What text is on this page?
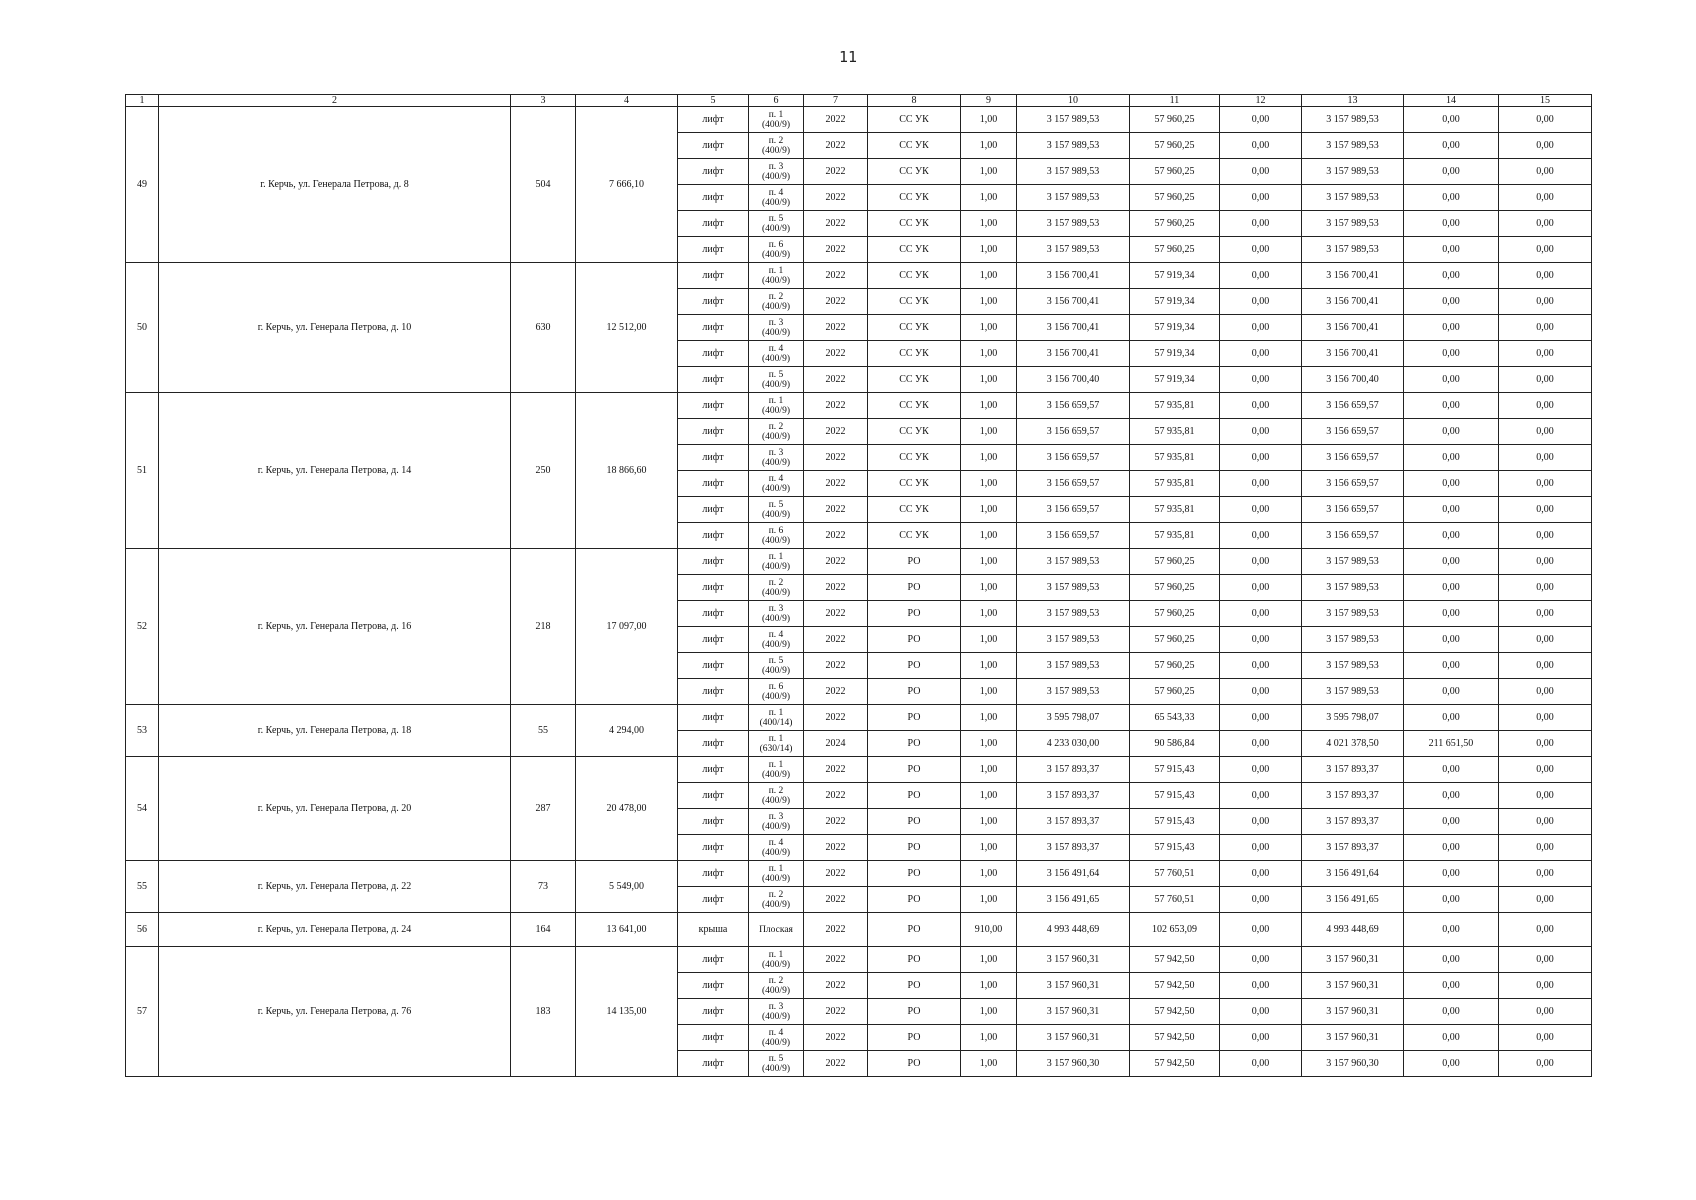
11
1	2	3	4	5	6	7	8	9	10	11	12	13	14	15
49	г. Керчь, ул. Генерала Петрова, д. 8	504	7 666,10	лифт	п. 1
(400/9)	2022	СС УК	1,00	3 157 989,53	57 960,25	0,00	3 157 989,53	0,00	0,00
				лифт	п. 2
(400/9)	2022	СС УК	1,00	3 157 989,53	57 960,25	0,00	3 157 989,53	0,00	0,00
				лифт	п. 3
(400/9)	2022	СС УК	1,00	3 157 989,53	57 960,25	0,00	3 157 989,53	0,00	0,00
				лифт	п. 4
(400/9)	2022	СС УК	1,00	3 157 989,53	57 960,25	0,00	3 157 989,53	0,00	0,00
				лифт	п. 5
(400/9)	2022	СС УК	1,00	3 157 989,53	57 960,25	0,00	3 157 989,53	0,00	0,00
				лифт	п. 6
(400/9)	2022	СС УК	1,00	3 157 989,53	57 960,25	0,00	3 157 989,53	0,00	0,00
50	г. Керчь, ул. Генерала Петрова, д. 10	630	12 512,00	лифт	п. 1
(400/9)	2022	СС УК	1,00	3 156 700,41	57 919,34	0,00	3 156 700,41	0,00	0,00
				лифт	п. 2
(400/9)	2022	СС УК	1,00	3 156 700,41	57 919,34	0,00	3 156 700,41	0,00	0,00
				лифт	п. 3
(400/9)	2022	СС УК	1,00	3 156 700,41	57 919,34	0,00	3 156 700,41	0,00	0,00
				лифт	п. 4
(400/9)	2022	СС УК	1,00	3 156 700,41	57 919,34	0,00	3 156 700,41	0,00	0,00
				лифт	п. 5
(400/9)	2022	СС УК	1,00	3 156 700,40	57 919,34	0,00	3 156 700,40	0,00	0,00
51	г. Керчь, ул. Генерала Петрова, д. 14	250	18 866,60	лифт	п. 1
(400/9)	2022	СС УК	1,00	3 156 659,57	57 935,81	0,00	3 156 659,57	0,00	0,00
				лифт	п. 2
(400/9)	2022	СС УК	1,00	3 156 659,57	57 935,81	0,00	3 156 659,57	0,00	0,00
				лифт	п. 3
(400/9)	2022	СС УК	1,00	3 156 659,57	57 935,81	0,00	3 156 659,57	0,00	0,00
				лифт	п. 4
(400/9)	2022	СС УК	1,00	3 156 659,57	57 935,81	0,00	3 156 659,57	0,00	0,00
				лифт	п. 5
(400/9)	2022	СС УК	1,00	3 156 659,57	57 935,81	0,00	3 156 659,57	0,00	0,00
				лифт	п. 6
(400/9)	2022	СС УК	1,00	3 156 659,57	57 935,81	0,00	3 156 659,57	0,00	0,00
52	г. Керчь, ул. Генерала Петрова, д. 16	218	17 097,00	лифт	п. 1
(400/9)	2022	РО	1,00	3 157 989,53	57 960,25	0,00	3 157 989,53	0,00	0,00
				лифт	п. 2
(400/9)	2022	РО	1,00	3 157 989,53	57 960,25	0,00	3 157 989,53	0,00	0,00
				лифт	п. 3
(400/9)	2022	РО	1,00	3 157 989,53	57 960,25	0,00	3 157 989,53	0,00	0,00
				лифт	п. 4
(400/9)	2022	РО	1,00	3 157 989,53	57 960,25	0,00	3 157 989,53	0,00	0,00
				лифт	п. 5
(400/9)	2022	РО	1,00	3 157 989,53	57 960,25	0,00	3 157 989,53	0,00	0,00
				лифт	п. 6
(400/9)	2022	РО	1,00	3 157 989,53	57 960,25	0,00	3 157 989,53	0,00	0,00
53	г. Керчь, ул. Генерала Петрова, д. 18	55	4 294,00	лифт	п. 1
(400/14)	2022	РО	1,00	3 595 798,07	65 543,33	0,00	3 595 798,07	0,00	0,00
				лифт	п. 1
(630/14)	2024	РО	1,00	4 233 030,00	90 586,84	0,00	4 021 378,50	211 651,50	0,00
54	г. Керчь, ул. Генерала Петрова, д. 20	287	20 478,00	лифт	п. 1
(400/9)	2022	РО	1,00	3 157 893,37	57 915,43	0,00	3 157 893,37	0,00	0,00
				лифт	п. 2
(400/9)	2022	РО	1,00	3 157 893,37	57 915,43	0,00	3 157 893,37	0,00	0,00
				лифт	п. 3
(400/9)	2022	РО	1,00	3 157 893,37	57 915,43	0,00	3 157 893,37	0,00	0,00
				лифт	п. 4
(400/9)	2022	РО	1,00	3 157 893,37	57 915,43	0,00	3 157 893,37	0,00	0,00
55	г. Керчь, ул. Генерала Петрова, д. 22	73	5 549,00	лифт	п. 1
(400/9)	2022	РО	1,00	3 156 491,64	57 760,51	0,00	3 156 491,64	0,00	0,00
				лифт	п. 2
(400/9)	2022	РО	1,00	3 156 491,65	57 760,51	0,00	3 156 491,65	0,00	0,00
56	г. Керчь, ул. Генерала Петрова, д. 24	164	13 641,00	крыша	Плоская	2022	РО	910,00	4 993 448,69	102 653,09	0,00	4 993 448,69	0,00	0,00
57	г. Керчь, ул. Генерала Петрова, д. 76	183	14 135,00	лифт	п. 1
(400/9)	2022	РО	1,00	3 157 960,31	57 942,50	0,00	3 157 960,31	0,00	0,00
				лифт	п. 2
(400/9)	2022	РО	1,00	3 157 960,31	57 942,50	0,00	3 157 960,31	0,00	0,00
				лифт	п. 3
(400/9)	2022	РО	1,00	3 157 960,31	57 942,50	0,00	3 157 960,31	0,00	0,00
				лифт	п. 4
(400/9)	2022	РО	1,00	3 157 960,31	57 942,50	0,00	3 157 960,31	0,00	0,00
				лифт	п. 5
(400/9)	2022	РО	1,00	3 157 960,30	57 942,50	0,00	3 157 960,30	0,00	0,00
